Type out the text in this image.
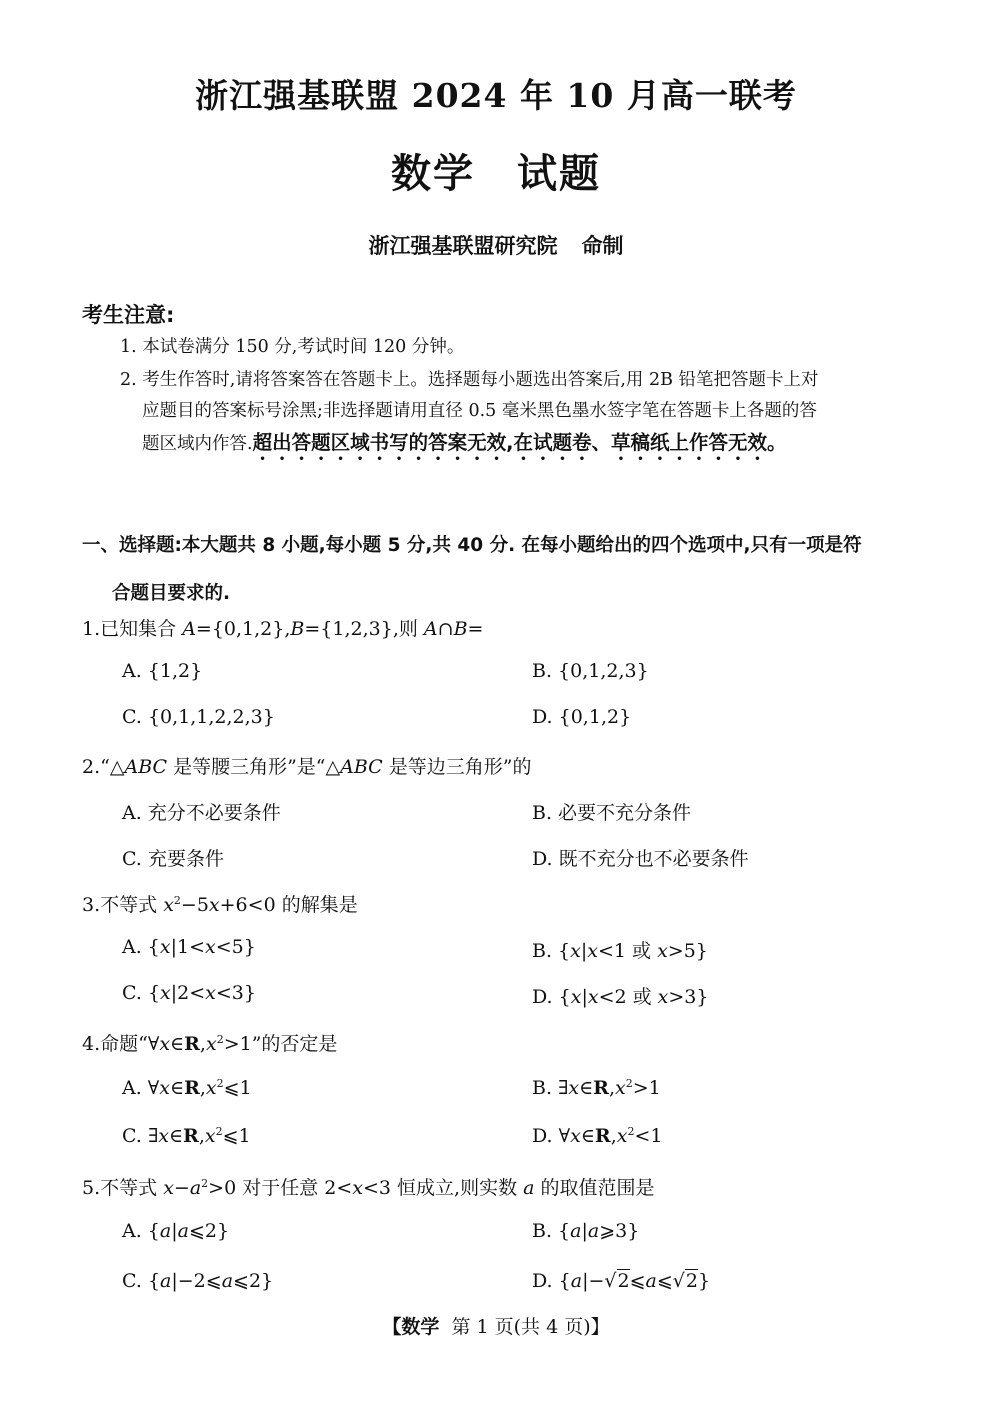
浙江强基联盟 2024 年 10 月高一联考
数学 试题
浙江强基联盟研究院 命制
考生注意:
1. 本试卷满分 150 分,考试时间 120 分钟。
2. 考生作答时,请将答案答在答题卡上。选择题每小题选出答案后,用 2B 铅笔把答题卡上对
应题目的答案标号涂黑;非选择题请用直径 0.5 毫米黑色墨水签字笔在答题卡上各题的答
题区域内作答.超出答题区域书写的答案无效,在试题卷、草稿纸上作答无效。
一、选择题:本大题共 8 小题,每小题 5 分,共 40 分. 在每小题给出的四个选项中,只有一项是符
合题目要求的.
1.已知集合 A={0,1,2},B={1,2,3},则 A∩B=
A. {1,2}	B. {0,1,2,3}
C. {0,1,1,2,2,3}	D. {0,1,2}
2.“△ABC 是等腰三角形”是“△ABC 是等边三角形”的
A. 充分不必要条件	B. 必要不充分条件
C. 充要条件	D. 既不充分也不必要条件
3.不等式 $x^2-5x+6<0$ 的解集是
A. {x|1<x<5}	B. {x|x<1 或 x>5}
C. {x|2<x<3}	D. {x|x<2 或 x>3}
4.命题“$\forall x\in R,x^2>1$”的否定是
A. $\forall x\in R,x^2⩽1$	B. $\exists x\in R,x^2>1$
C. $\exists x\in R,x^2⩽1$	D. $\forall x\in R,x^2<1$
5.不等式 $x-a^2>0$ 对于任意 2<x<3 恒成立,则实数 a 的取值范围是
A. {a|a⩽2}	B. {a|a⩾3}
C. {a|−2⩽a⩽2}	D. {a|−√2⩽a⩽√2}
【数学 第 1 页(共 4 页)】
